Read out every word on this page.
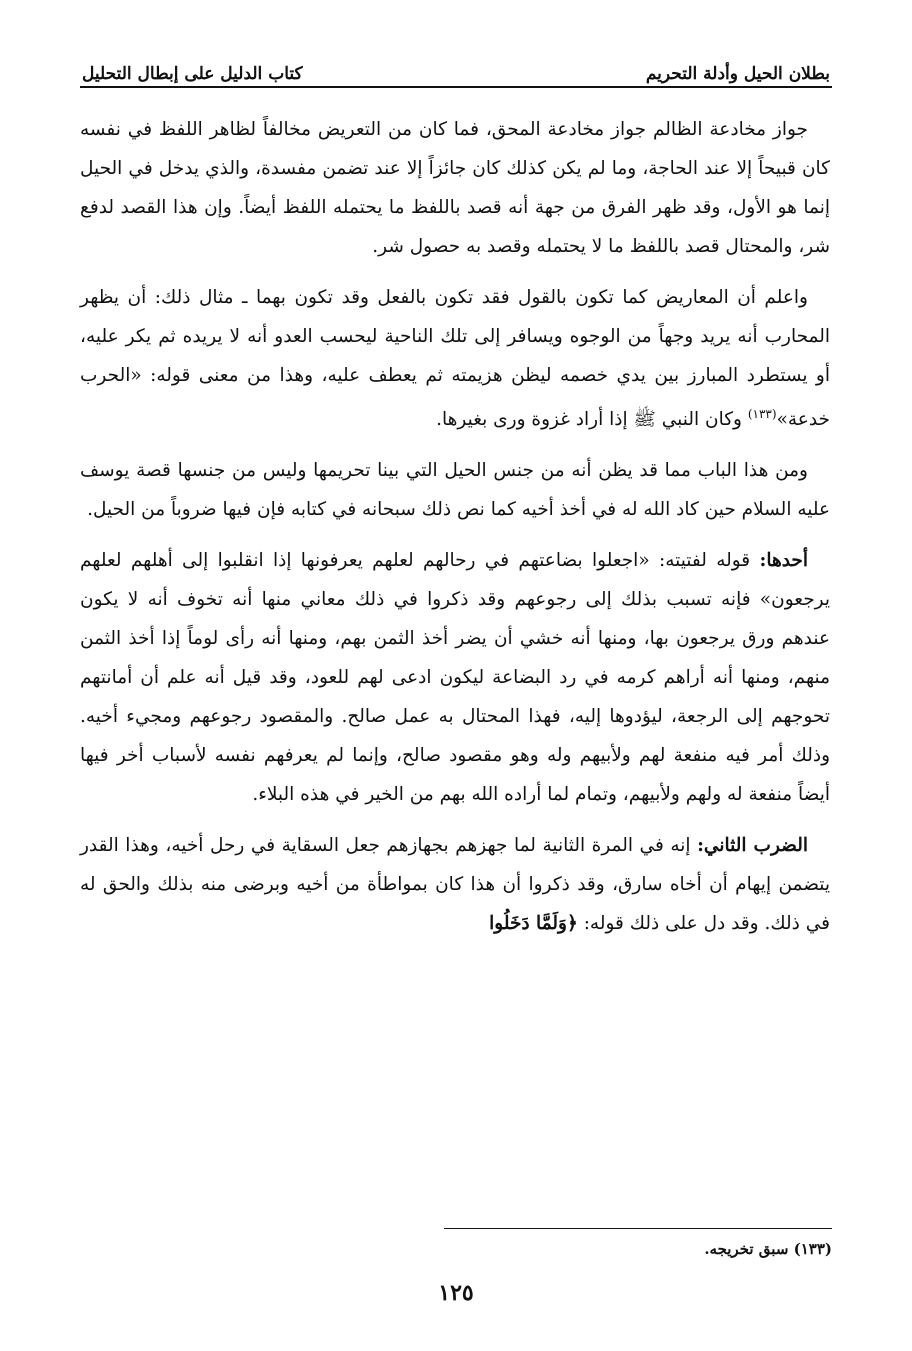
بطلان الحيل وأدلة التحريم
كتاب الدليل على إبطال التحليل

جواز مخادعة الظالم جواز مخادعة المحق، فما كان من التعريض مخالفاً لظاهر اللفظ في نفسه كان قبيحاً إلا عند الحاجة، وما لم يكن كذلك كان جائزاً إلا عند تضمن مفسدة، والذي يدخل في الحيل إنما هو الأول، وقد ظهر الفرق من جهة أنه قصد باللفظ ما يحتمله اللفظ أيضاً. وإن هذا القصد لدفع شر، والمحتال قصد باللفظ ما لا يحتمله وقصد به حصول شر.

واعلم أن المعاريض كما تكون بالقول فقد تكون بالفعل وقد تكون بهما ـ مثال ذلك: أن يظهر المحارب أنه يريد وجهاً من الوجوه ويسافر إلى تلك الناحية ليحسب العدو أنه لا يريده ثم يكر عليه، أو يستطرد المبارز بين يدي خصمه ليظن هزيمته ثم يعطف عليه، وهذا من معنى قوله: «الحرب خدعة»$^{(١٣٣)}$ وكان النبي ﷺ إذا أراد غزوة ورى بغيرها.

ومن هذا الباب مما قد يظن أنه من جنس الحيل التي بينا تحريمها وليس من جنسها قصة يوسف عليه السلام حين كاد الله له في أخذ أخيه كما نص ذلك سبحانه في كتابه فإن فيها ضروباً من الحيل.

أحدها: قوله لفتيته: «اجعلوا بضاعتهم في رحالهم لعلهم يعرفونها إذا انقلبوا إلى أهلهم لعلهم يرجعون» فإنه تسبب بذلك إلى رجوعهم وقد ذكروا في ذلك معاني منها أنه تخوف أنه لا يكون عندهم ورق يرجعون بها، ومنها أنه خشي أن يضر أخذ الثمن بهم، ومنها أنه رأى لوماً إذا أخذ الثمن منهم، ومنها أنه أراهم كرمه في رد البضاعة ليكون ادعى لهم للعود، وقد قيل أنه علم أن أمانتهم تحوجهم إلى الرجعة، ليؤدوها إليه، فهذا المحتال به عمل صالح. والمقصود رجوعهم ومجيء أخيه. وذلك أمر فيه منفعة لهم ولأبيهم وله وهو مقصود صالح، وإنما لم يعرفهم نفسه لأسباب أخر فيها أيضاً منفعة له ولهم ولأبيهم، وتمام لما أراده الله بهم من الخير في هذه البلاء.

الضرب الثاني: إنه في المرة الثانية لما جهزهم بجهازهم جعل السقاية في رحل أخيه، وهذا القدر يتضمن إيهام أن أخاه سارق، وقد ذكروا أن هذا كان بمواطأة من أخيه وبرضى منه بذلك والحق له في ذلك. وقد دل على ذلك قوله: ﴿وَلَمَّا دَخَلُوا

(١٣٣) سبق تخريجه.
١٢٥
